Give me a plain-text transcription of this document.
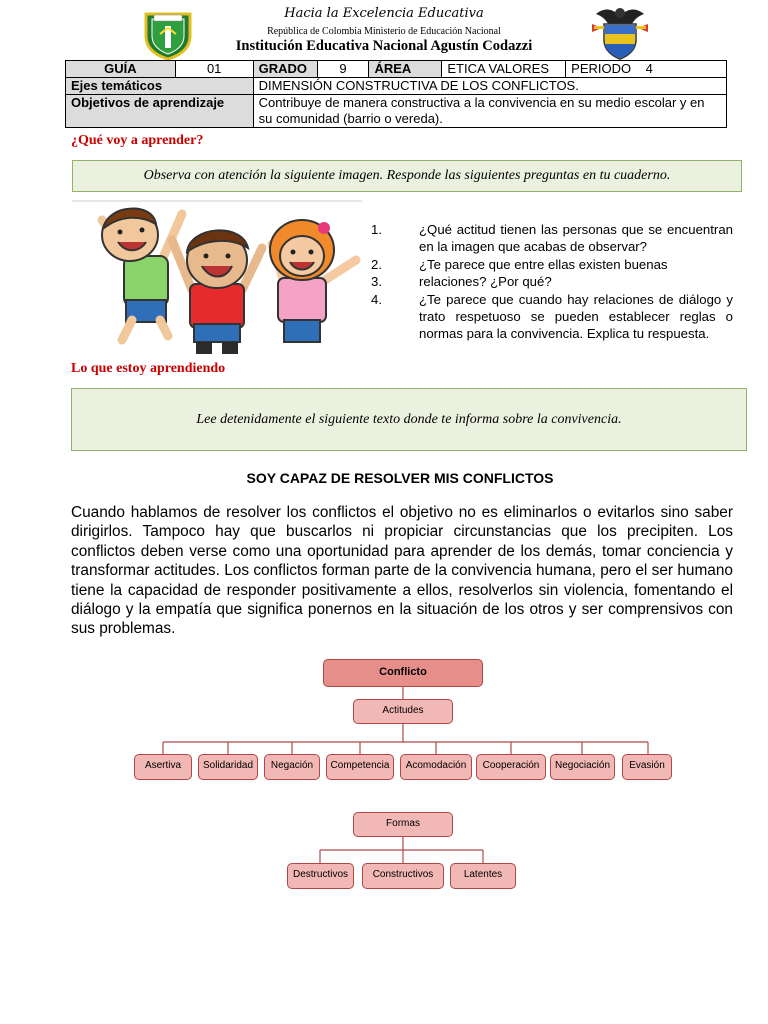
Hacia la Excelencia Educativa
República de Colombia Ministerio de Educación Nacional
Institución Educativa Nacional Agustín Codazzi
GUÍA	01	GRADO	9	ÁREA	ETICA VALORES	PERIODO 4
Ejes temáticos		DIMENSIÓN CONSTRUCTIVA DE LOS CONFLICTOS.				
Objetivos de aprendizaje		Contribuye de manera constructiva a la convivencia en su medio escolar y en su comunidad (barrio o vereda).				
¿Qué voy a aprender?
Observa con atención la siguiente imagen. Responde las siguientes preguntas en tu cuaderno.
1.	¿Qué actitud tienen las personas que se encuentran en la imagen que acabas de observar?
2.	¿Te parece que entre ellas existen buenas
3.	relaciones? ¿Por qué?
4.	¿Te parece que cuando hay relaciones de diálogo y trato respetuoso se pueden establecer reglas o normas para la convivencia. Explica tu respuesta.
Lo que estoy aprendiendo
Lee detenidamente el siguiente texto donde te informa sobre la convivencia.
SOY CAPAZ DE RESOLVER MIS CONFLICTOS
Cuando hablamos de resolver los conflictos el objetivo no es eliminarlos o evitarlos sino saber dirigirlos. Tampoco hay que buscarlos ni propiciar circunstancias que los precipiten. Los conflictos deben verse como una oportunidad para aprender de los demás, tomar conciencia y transformar actitudes. Los conflictos forman parte de la convivencia humana, pero el ser humano tiene la capacidad de responder positivamente a ellos, resolverlos sin violencia, fomentando el diálogo y la empatía que significa ponernos en la situación de los otros y ser comprensivos con sus problemas.
Conflicto
Actitudes
Asertiva	Solidaridad	Negación	Competencia	Acomodación	Cooperación	Negociación	Evasión
Formas
Destructivos	Constructivos	Latentes
